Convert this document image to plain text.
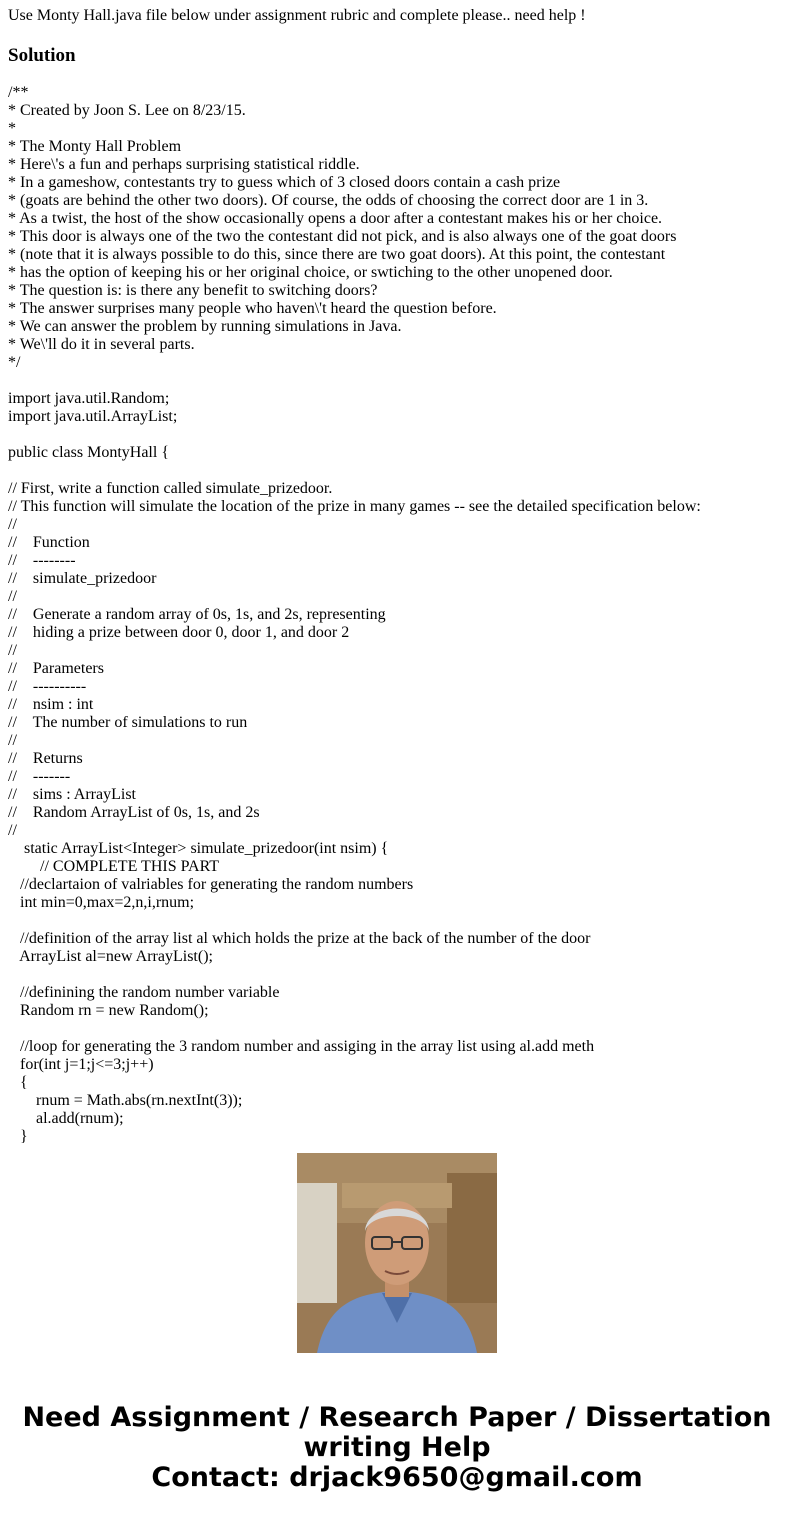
Use Monty Hall.java file below under assignment rubric and complete please.. need help !
Solution
/**
* Created by Joon S. Lee on 8/23/15.
*
* The Monty Hall Problem
* Here\'s a fun and perhaps surprising statistical riddle.
* In a gameshow, contestants try to guess which of 3 closed doors contain a cash prize
* (goats are behind the other two doors). Of course, the odds of choosing the correct door are 1 in 3.
* As a twist, the host of the show occasionally opens a door after a contestant makes his or her choice.
* This door is always one of the two the contestant did not pick, and is also always one of the goat doors
* (note that it is always possible to do this, since there are two goat doors). At this point, the contestant
* has the option of keeping his or her original choice, or swtiching to the other unopened door.
* The question is: is there any benefit to switching doors?
* The answer surprises many people who haven\'t heard the question before.
* We can answer the problem by running simulations in Java.
* We\'ll do it in several parts.
*/
import java.util.Random;
import java.util.ArrayList;
public class MontyHall {
// First, write a function called simulate_prizedoor.
// This function will simulate the location of the prize in many games -- see the detailed specification below:
//
//    Function
//    --------
//    simulate_prizedoor
//
//    Generate a random array of 0s, 1s, and 2s, representing
//    hiding a prize between door 0, door 1, and door 2
//
//    Parameters
//    ----------
//    nsim : int
//    The number of simulations to run
//
//    Returns
//    -------
//    sims : ArrayList
//    Random ArrayList of 0s, 1s, and 2s
//
static ArrayList<Integer> simulate_prizedoor(int nsim) {
// COMPLETE THIS PART
//declartaion of valriables for generating the random numbers
int min=0,max=2,n,i,rnum;
//definition of the array list al which holds the prize at the back of the number of the door
ArrayList al=new ArrayList();
//definining the random number variable
Random rn = new Random();
//loop for generating the 3 random number and assiging in the array list using al.add meth
for(int j=1;j<=3;j++)
{
rnum = Math.abs(rn.nextInt(3));
al.add(rnum);
}
Need Assignment / Research Paper / Dissertation
writing Help
Contact: drjack9650@gmail.com
